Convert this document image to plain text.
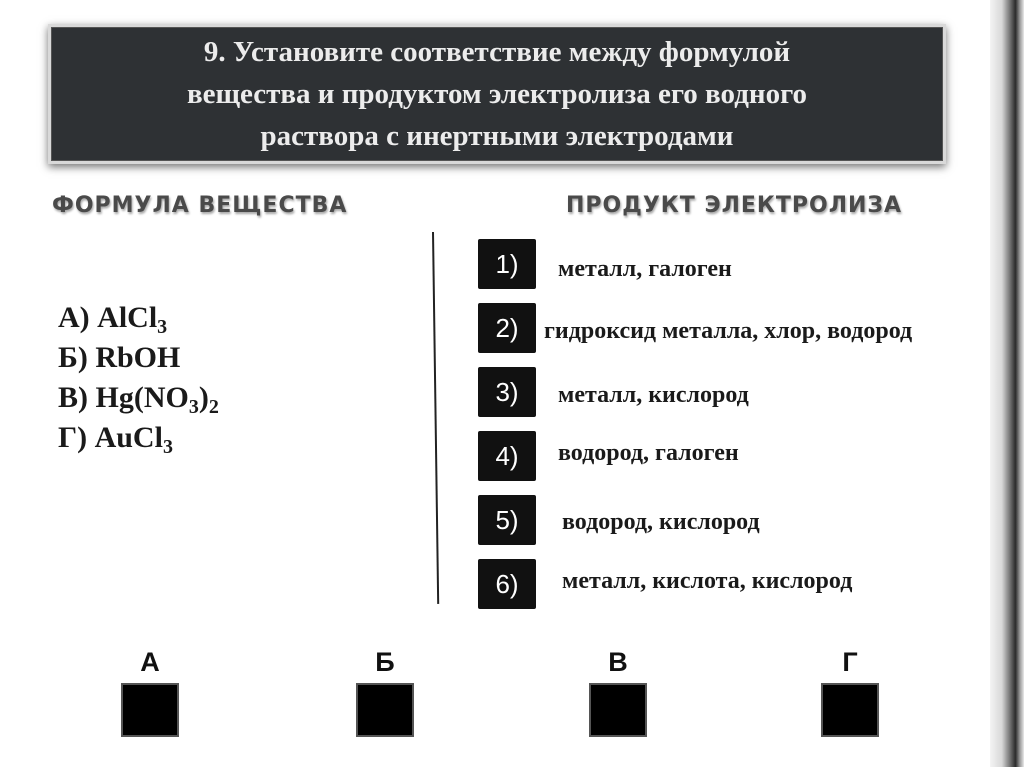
9. Установите соответствие между формулой
вещества и продуктом электролиза его водного
раствора с инертными электродами
ФОРМУЛА ВЕЩЕСТВА	ПРОДУКТ ЭЛЕКТРОЛИЗА
А) AlCl$_3$
Б) RbOH
В) $Hg(NO_3)_2$
Г) AuCl$_3$
1)	металл, галоген
2)	гидроксид металла, хлор, водород
3)	металл, кислород
4)	водород, галоген
5)	водород, кислород
6)	металл, кислота, кислород
А	Б	В	Г
